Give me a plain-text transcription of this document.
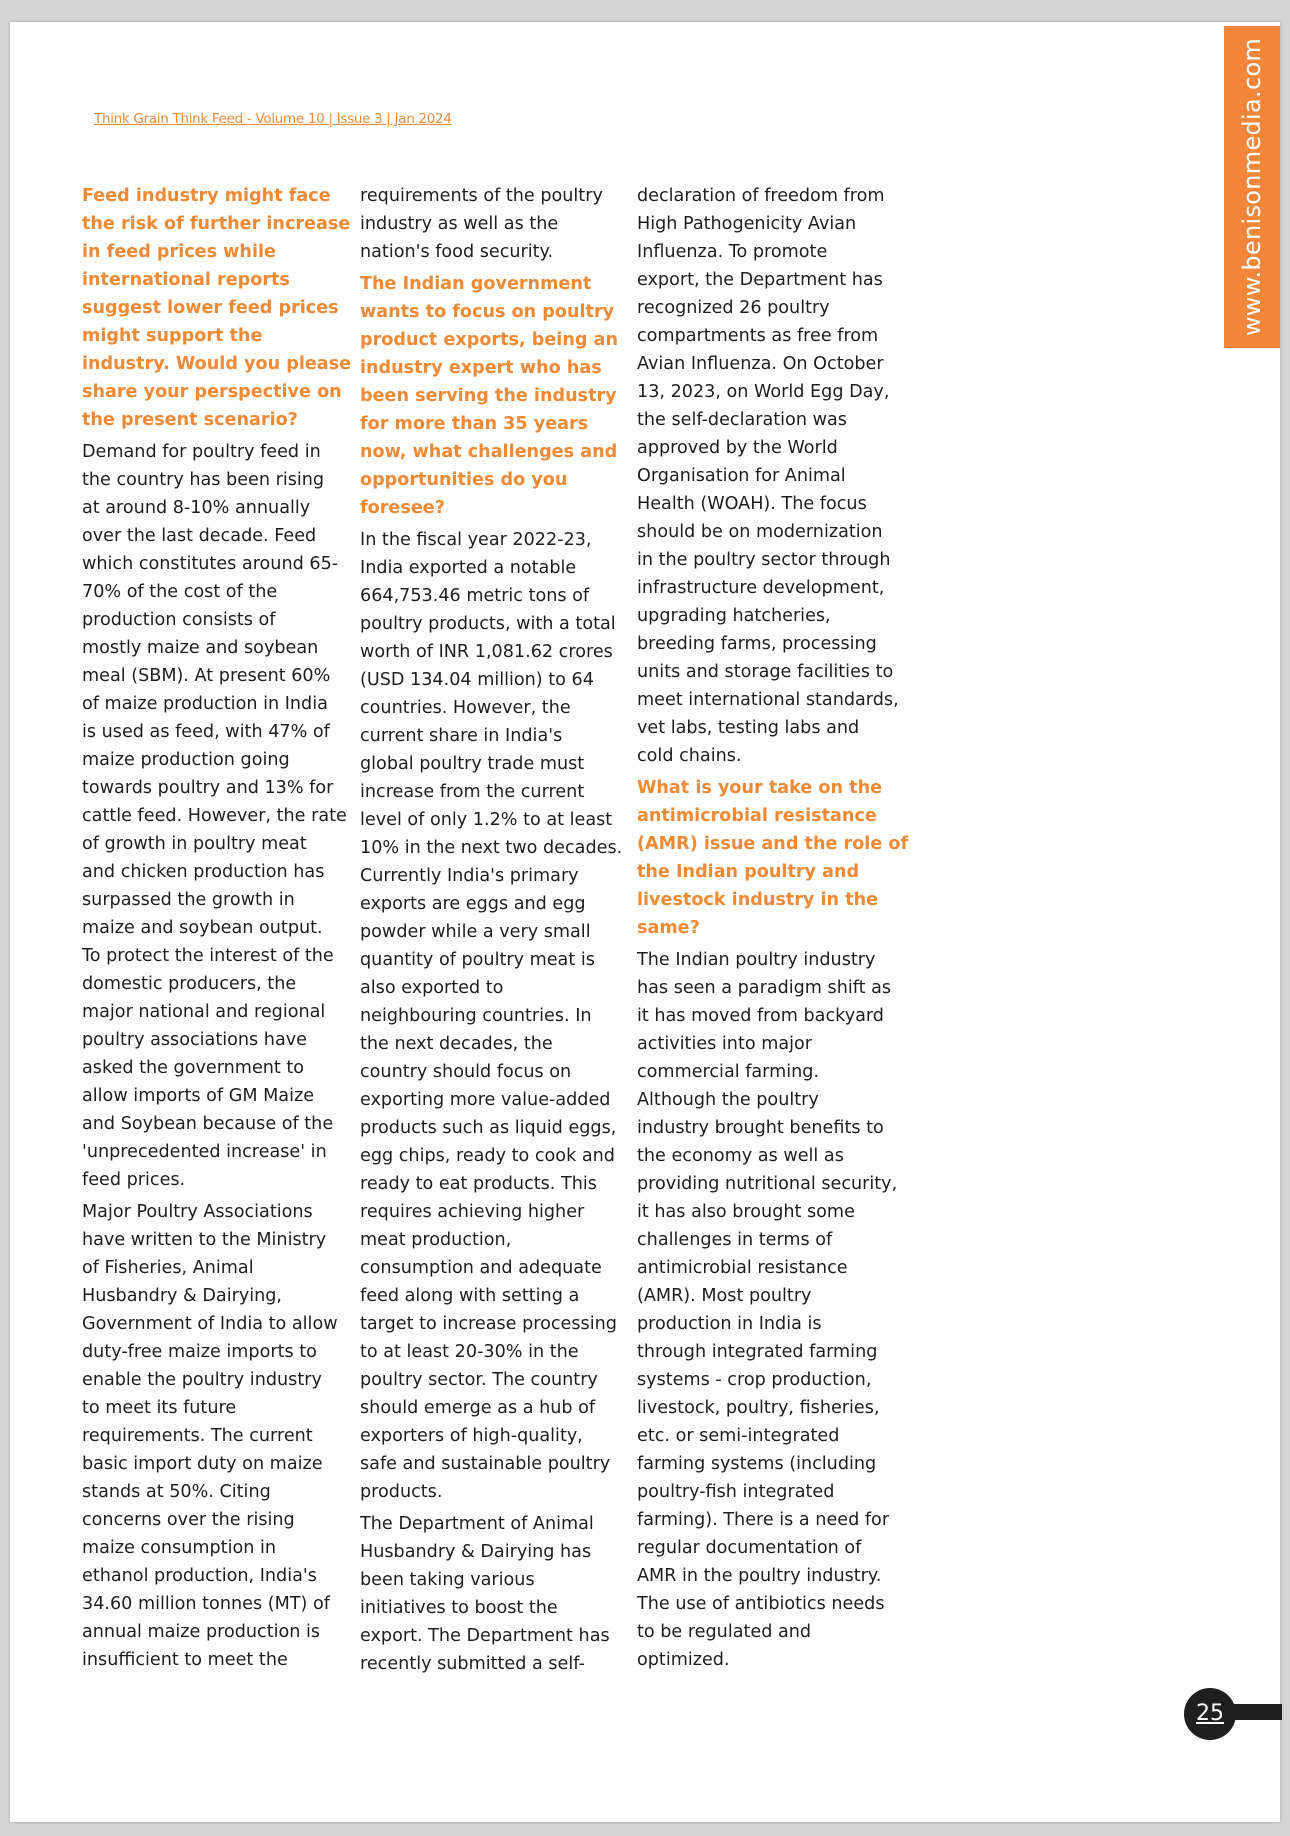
Think Grain Think Feed - Volume 10 | Issue 3 | Jan 2024	www.benisonmedia.com
Feed industry might face
the risk of further increase
in feed prices while
international reports
suggest lower feed prices
might support the
industry. Would you please
share your perspective on
the present scenario?
Demand for poultry feed in
the country has been rising
at around 8-10% annually
over the last decade. Feed
which constitutes around 65-
70% of the cost of the
production consists of
mostly maize and soybean
meal (SBM). At present 60%
of maize production in India
is used as feed, with 47% of
maize production going
towards poultry and 13% for
cattle feed. However, the rate
of growth in poultry meat
and chicken production has
surpassed the growth in
maize and soybean output.
To protect the interest of the
domestic producers, the
major national and regional
poultry associations have
asked the government to
allow imports of GM Maize
and Soybean because of the
'unprecedented increase' in
feed prices.
Major Poultry Associations
have written to the Ministry
of Fisheries, Animal
Husbandry & Dairying,
Government of India to allow
duty-free maize imports to
enable the poultry industry
to meet its future
requirements. The current
basic import duty on maize
stands at 50%. Citing
concerns over the rising
maize consumption in
ethanol production, India's
34.60 million tonnes (MT) of
annual maize production is
insufficient to meet the
requirements of the poultry
industry as well as the
nation's food security.
The Indian government
wants to focus on poultry
product exports, being an
industry expert who has
been serving the industry
for more than 35 years
now, what challenges and
opportunities do you
foresee?
In the fiscal year 2022-23,
India exported a notable
664,753.46 metric tons of
poultry products, with a total
worth of INR 1,081.62 crores
(USD 134.04 million) to 64
countries. However, the
current share in India's
global poultry trade must
increase from the current
level of only 1.2% to at least
10% in the next two decades.
Currently India's primary
exports are eggs and egg
powder while a very small
quantity of poultry meat is
also exported to
neighbouring countries. In
the next decades, the
country should focus on
exporting more value-added
products such as liquid eggs,
egg chips, ready to cook and
ready to eat products. This
requires achieving higher
meat production,
consumption and adequate
feed along with setting a
target to increase processing
to at least 20-30% in the
poultry sector. The country
should emerge as a hub of
exporters of high-quality,
safe and sustainable poultry
products.
The Department of Animal
Husbandry & Dairying has
been taking various
initiatives to boost the
export. The Department has
recently submitted a self-
declaration of freedom from
High Pathogenicity Avian
Influenza. To promote
export, the Department has
recognized 26 poultry
compartments as free from
Avian Influenza. On October
13, 2023, on World Egg Day,
the self-declaration was
approved by the World
Organisation for Animal
Health (WOAH). The focus
should be on modernization
in the poultry sector through
infrastructure development,
upgrading hatcheries,
breeding farms, processing
units and storage facilities to
meet international standards,
vet labs, testing labs and
cold chains.
What is your take on the
antimicrobial resistance
(AMR) issue and the role of
the Indian poultry and
livestock industry in the
same?
The Indian poultry industry
has seen a paradigm shift as
it has moved from backyard
activities into major
commercial farming.
Although the poultry
industry brought benefits to
the economy as well as
providing nutritional security,
it has also brought some
challenges in terms of
antimicrobial resistance
(AMR). Most poultry
production in India is
through integrated farming
systems - crop production,
livestock, poultry, fisheries,
etc. or semi-integrated
farming systems (including
poultry-fish integrated
farming). There is a need for
regular documentation of
AMR in the poultry industry.
The use of antibiotics needs
to be regulated and
optimized.
25
